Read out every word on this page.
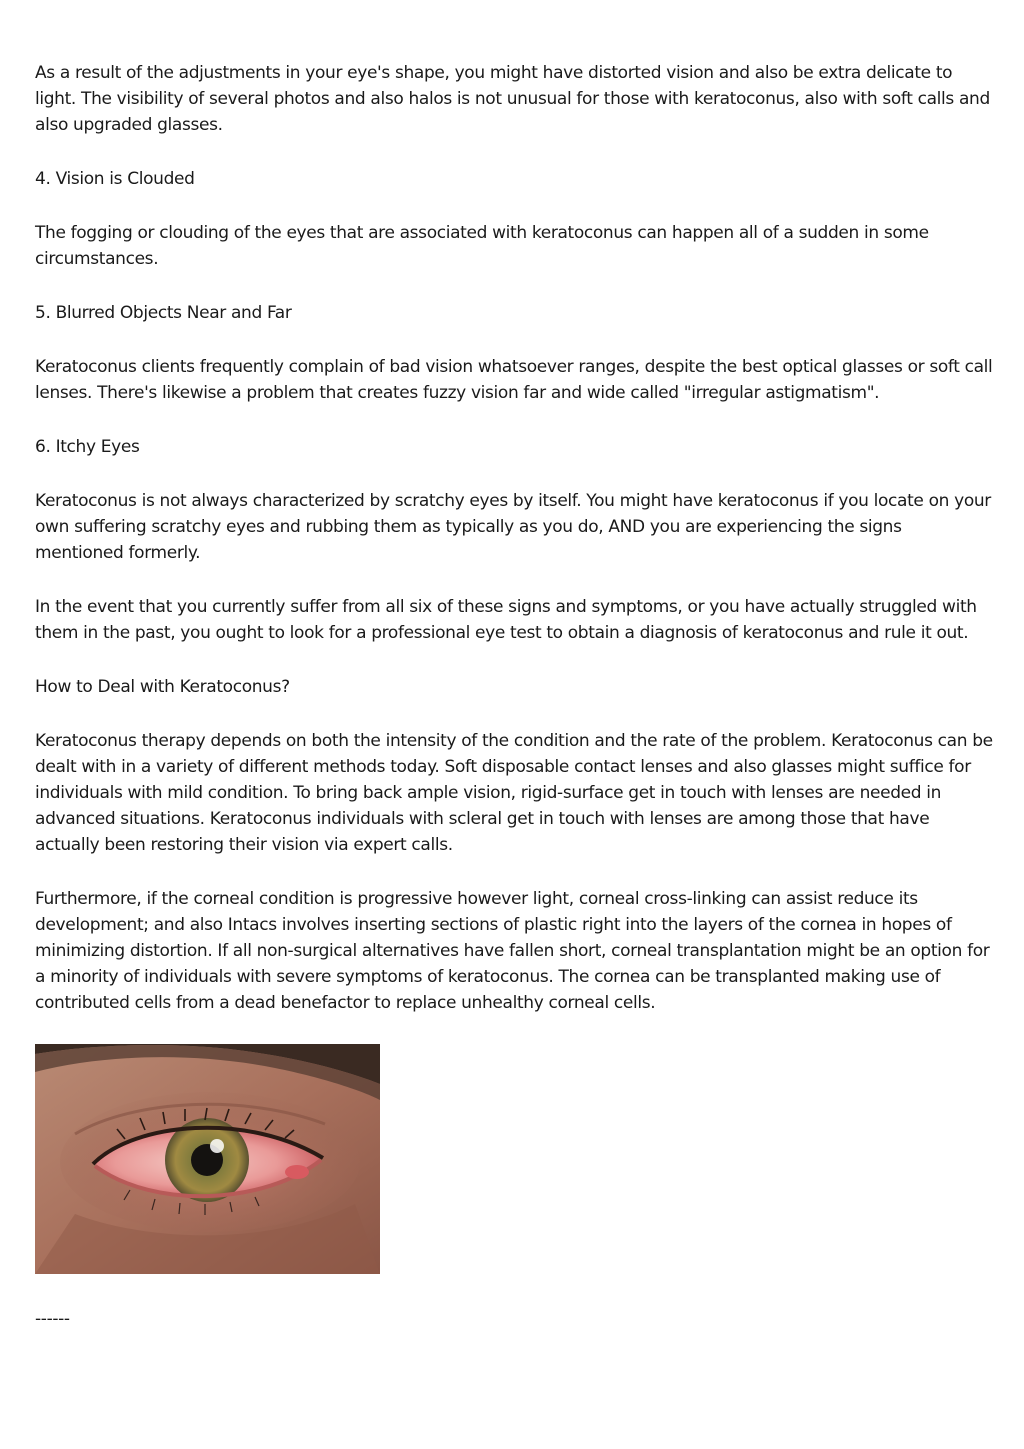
As a result of the adjustments in your eye's shape, you might have distorted vision and also be extra delicate to light. The visibility of several photos and also halos is not unusual for those with keratoconus, also with soft calls and also upgraded glasses.

4. Vision is Clouded

The fogging or clouding of the eyes that are associated with keratoconus can happen all of a sudden in some circumstances.

5. Blurred Objects Near and Far

Keratoconus clients frequently complain of bad vision whatsoever ranges, despite the best optical glasses or soft call lenses. There's likewise a problem that creates fuzzy vision far and wide called "irregular astigmatism".

6. Itchy Eyes

Keratoconus is not always characterized by scratchy eyes by itself. You might have keratoconus if you locate on your own suffering scratchy eyes and rubbing them as typically as you do, AND you are experiencing the signs mentioned formerly.

In the event that you currently suffer from all six of these signs and symptoms, or you have actually struggled with them in the past, you ought to look for a professional eye test to obtain a diagnosis of keratoconus and rule it out.

How to Deal with Keratoconus?

Keratoconus therapy depends on both the intensity of the condition and the rate of the problem. Keratoconus can be dealt with in a variety of different methods today. Soft disposable contact lenses and also glasses might suffice for individuals with mild condition. To bring back ample vision, rigid-surface get in touch with lenses are needed in advanced situations. Keratoconus individuals with scleral get in touch with lenses are among those that have actually been restoring their vision via expert calls.

Furthermore, if the corneal condition is progressive however light, corneal cross-linking can assist reduce its development; and also Intacs involves inserting sections of plastic right into the layers of the cornea in hopes of minimizing distortion. If all non-surgical alternatives have fallen short, corneal transplantation might be an option for a minority of individuals with severe symptoms of keratoconus. The cornea can be transplanted making use of contributed cells from a dead benefactor to replace unhealthy corneal cells.

------
